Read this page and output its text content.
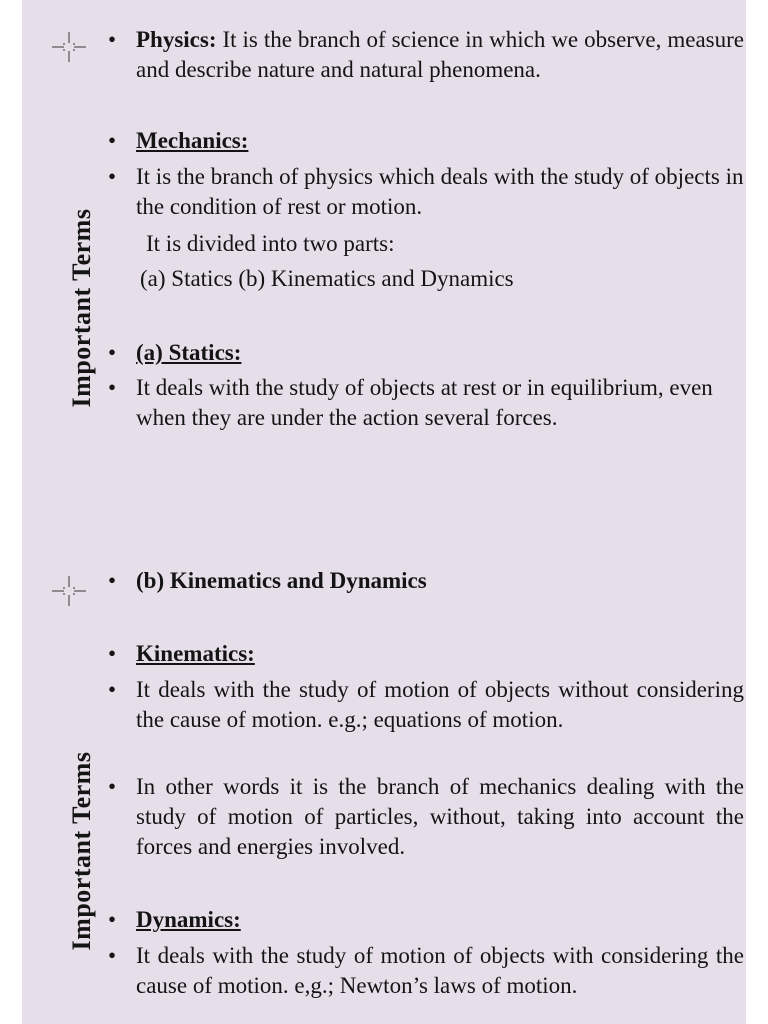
Important Terms
Important Terms
• Physics: It is the branch of science in which we observe, measure and describe nature and natural phenomena.
• Mechanics:
• It is the branch of physics which deals with the study of objects in the condition of rest or motion.
It is divided into two parts:
(a) Statics (b) Kinematics and Dynamics
• (a) Statics:
• It deals with the study of objects at rest or in equilibrium, even when they are under the action several forces.
• (b) Kinematics and Dynamics
• Kinematics:
• It deals with the study of motion of objects without considering the cause of motion. e.g.; equations of motion.
• In other words it is the branch of mechanics dealing with the study of motion of particles, without, taking into account the forces and energies involved.
• Dynamics:
• It deals with the study of motion of objects with considering the cause of motion. e,g.; Newton’s laws of motion.
